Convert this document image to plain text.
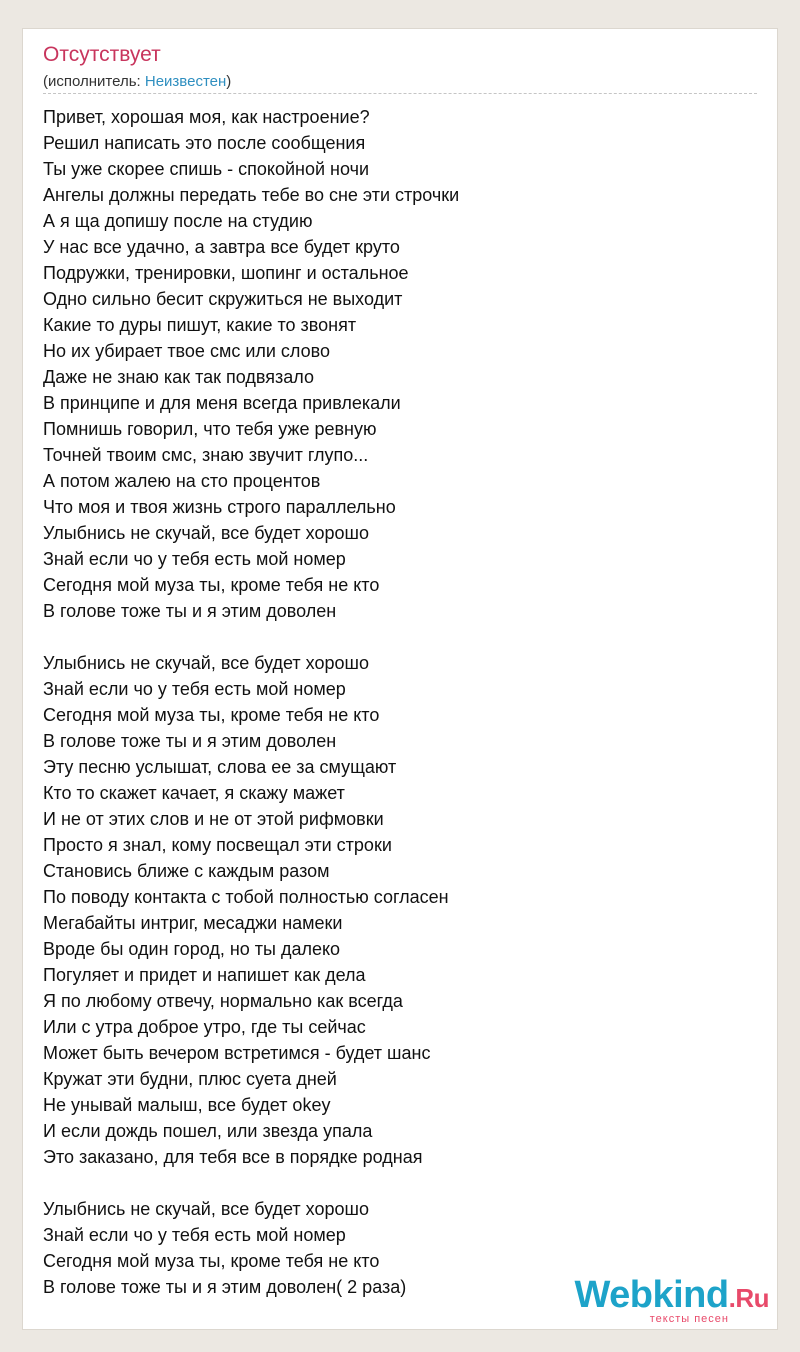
Отсутствует
(исполнитель: Неизвестен)
Привет, хорошая моя, как настроение?
Решил написать это после сообщения
Ты уже скорее спишь - спокойной ночи
Ангелы должны передать тебе во сне эти строчки
А я ща допишу после на студию
У нас все удачно, а завтра все будет круто
Подружки, тренировки, шопинг и остальное
Одно сильно бесит скружиться не выходит
Какие то дуры пишут, какие то звонят
Но их убирает твое смс или слово
Даже не знаю как так подвязало
В принципе и для меня всегда привлекали
Помнишь говорил, что тебя уже ревную
Точней твоим смс, знаю звучит глупо...
А потом жалею на сто процентов
Что моя и твоя жизнь строго параллельно
Улыбнись не скучай, все будет хорошо
Знай если чо у тебя есть мой номер
Сегодня мой муза ты, кроме тебя не кто
В голове тоже ты и я этим доволен

Улыбнись не скучай, все будет хорошо
Знай если чо у тебя есть мой номер
Сегодня мой муза ты, кроме тебя не кто
В голове тоже ты и я этим доволен
Эту песню услышат, слова ее за смущают
Кто то скажет качает, я скажу мажет
И не от этих слов и не от этой рифмовки
Просто я знал, кому посвещал эти строки
Становись ближе с каждым разом
По поводу контакта с тобой полностью согласен
Мегабайты интриг, месаджи намеки
Вроде бы один город, но ты далеко
Погуляет и придет и напишет как дела
Я по любому отвечу, нормально как всегда
Или с утра доброе утро, где ты сейчас
Может быть вечером встретимся - будет шанс
Кружат эти будни, плюс суета дней
Не унывай малыш, все будет okey
И если дождь пошел, или звезда упала
Это заказано, для тебя все в порядке родная

Улыбнись не скучай, все будет хорошо
Знай если чо у тебя есть мой номер
Сегодня мой муза ты, кроме тебя не кто
В голове тоже ты и я этим доволен( 2 раза)	Webkind.Ru
тексты песен
